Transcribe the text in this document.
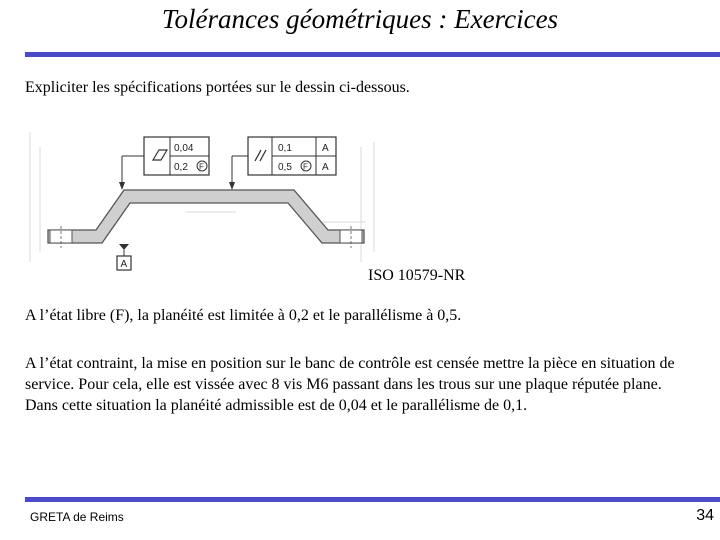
Tolérances géométriques : Exercices
Expliciter les spécifications portées sur le dessin ci-dessous.
0,04
0,2 F
0,1
0,5 F
A
A
A
ISO 10579-NR
A l’état libre (F), la planéité est limitée à 0,2 et le parallélisme à 0,5.
A l’état contraint, la mise en position sur le banc de contrôle est censée mettre la pièce en situation de service. Pour cela, elle est vissée avec 8 vis M6 passant dans les trous sur une plaque réputée plane. Dans cette situation la planéité admissible est de 0,04 et le parallélisme de 0,1.
GRETA de Reims	34
